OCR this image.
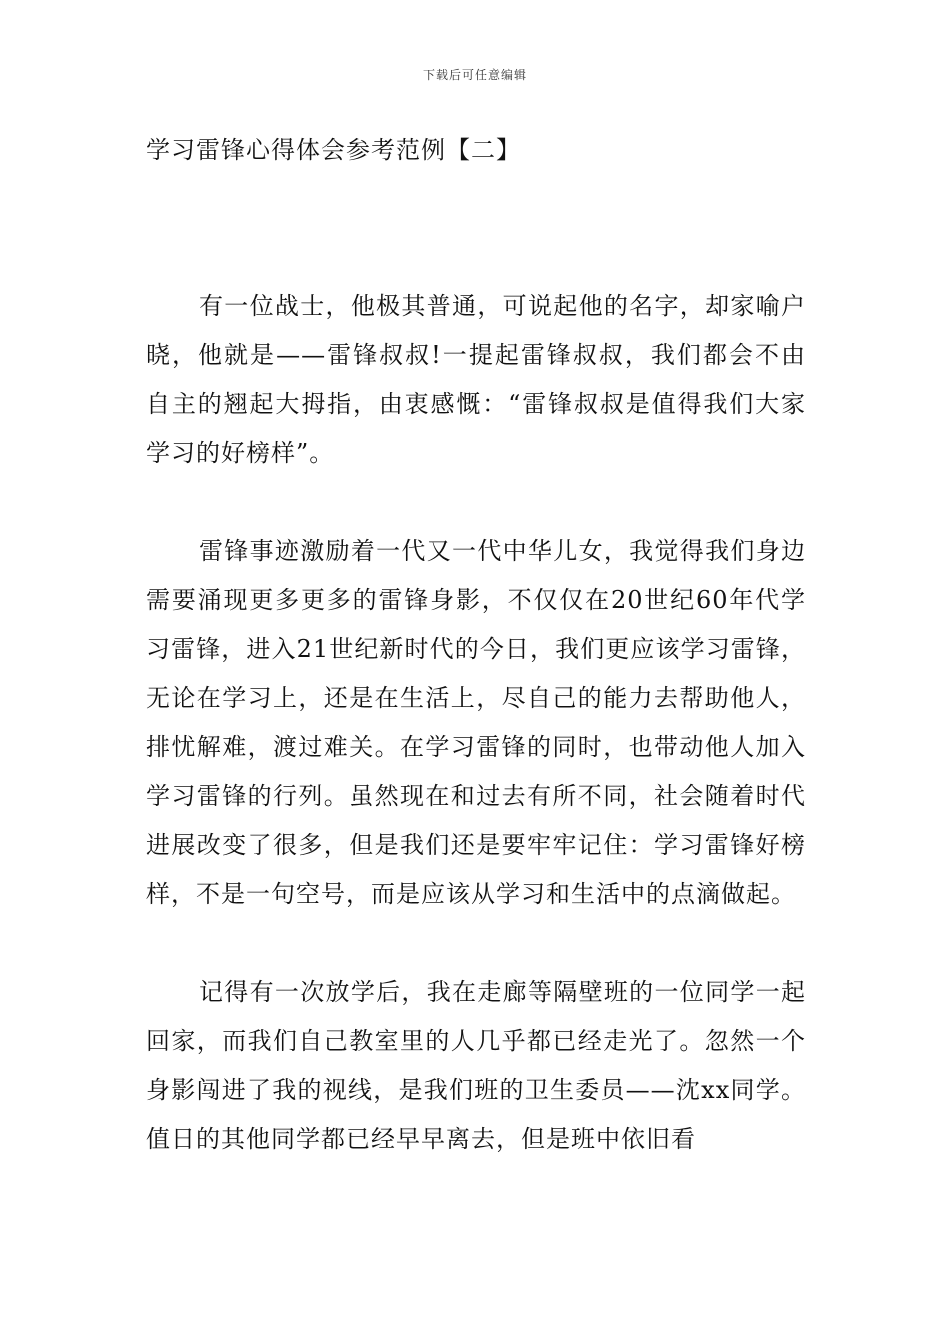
下载后可任意编辑
学习雷锋心得体会参考范例【二】

有一位战士，他极其普通，可说起他的名字，却家喻户晓，他就是——雷锋叔叔!一提起雷锋叔叔，我们都会不由自主的翘起大拇指，由衷感慨：“雷锋叔叔是值得我们大家学习的好榜样”。

雷锋事迹激励着一代又一代中华儿女，我觉得我们身边需要涌现更多更多的雷锋身影，不仅仅在20世纪60年代学习雷锋，进入21世纪新时代的今日，我们更应该学习雷锋，无论在学习上，还是在生活上，尽自己的能力去帮助他人，排忧解难，渡过难关。在学习雷锋的同时，也带动他人加入学习雷锋的行列。虽然现在和过去有所不同，社会随着时代进展改变了很多，但是我们还是要牢牢记住：学习雷锋好榜样，不是一句空号，而是应该从学习和生活中的点滴做起。

记得有一次放学后，我在走廊等隔壁班的一位同学一起回家，而我们自己教室里的人几乎都已经走光了。忽然一个身影闯进了我的视线，是我们班的卫生委员——沈xx同学。值日的其他同学都已经早早离去，但是班中依旧看
